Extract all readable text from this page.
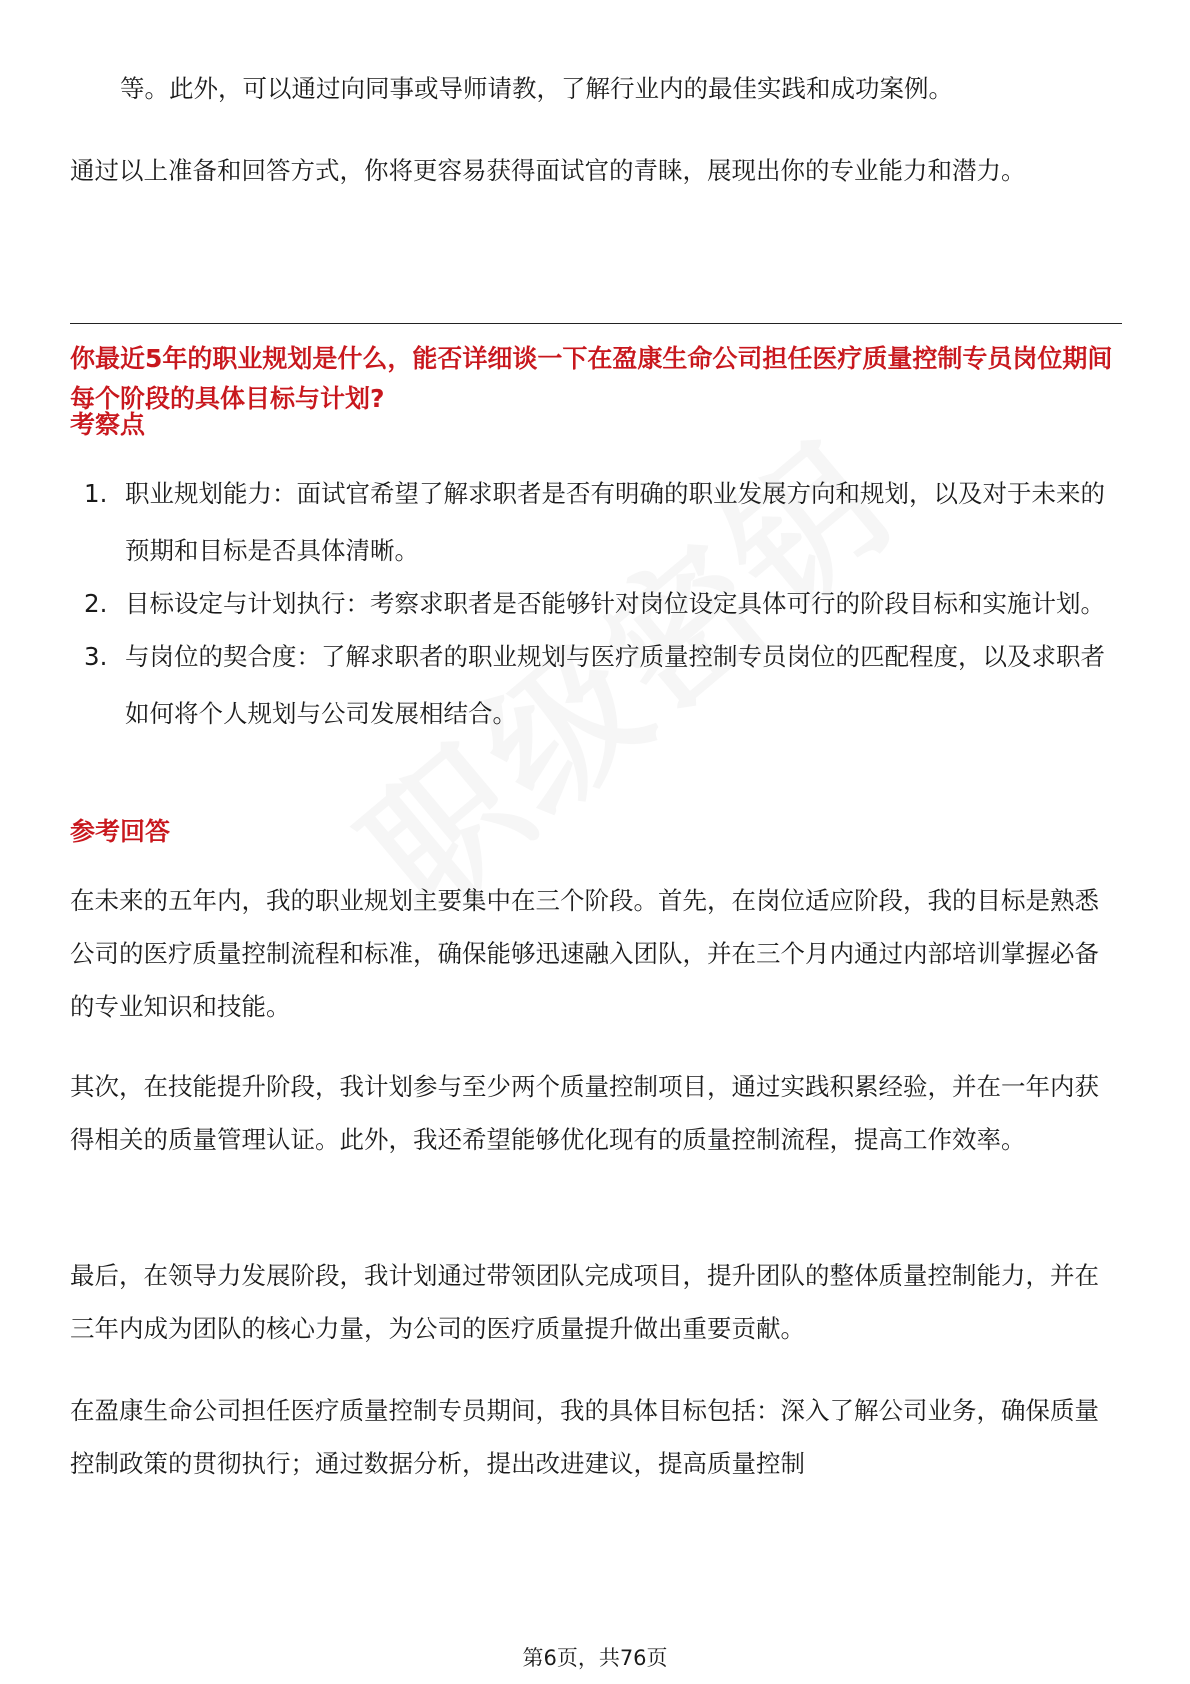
等。此外，可以通过向同事或导师请教，了解行业内的最佳实践和成功案例。

通过以上准备和回答方式，你将更容易获得面试官的青睐，展现出你的专业能力和潜力。

你最近5年的职业规划是什么，能否详细谈一下在盈康生命公司担任医疗质量控制专员岗位期间每个阶段的具体目标与计划?

考察点
1. 职业规划能力：面试官希望了解求职者是否有明确的职业发展方向和规划，以及对于未来的预期和目标是否具体清晰。
2. 目标设定与计划执行：考察求职者是否能够针对岗位设定具体可行的阶段目标和实施计划。
3. 与岗位的契合度：了解求职者的职业规划与医疗质量控制专员岗位的匹配程度，以及求职者如何将个人规划与公司发展相结合。
参考回答

在未来的五年内，我的职业规划主要集中在三个阶段。首先，在岗位适应阶段，我的目标是熟悉公司的医疗质量控制流程和标准，确保能够迅速融入团队，并在三个月内通过内部培训掌握必备的专业知识和技能。

其次，在技能提升阶段，我计划参与至少两个质量控制项目，通过实践积累经验，并在一年内获得相关的质量管理认证。此外，我还希望能够优化现有的质量控制流程，提高工作效率。

最后，在领导力发展阶段，我计划通过带领团队完成项目，提升团队的整体质量控制能力，并在三年内成为团队的核心力量，为公司的医疗质量提升做出重要贡献。

在盈康生命公司担任医疗质量控制专员期间，我的具体目标包括：深入了解公司业务，确保质量控制政策的贯彻执行；通过数据分析，提出改进建议，提高质量控制

第6页，共76页
